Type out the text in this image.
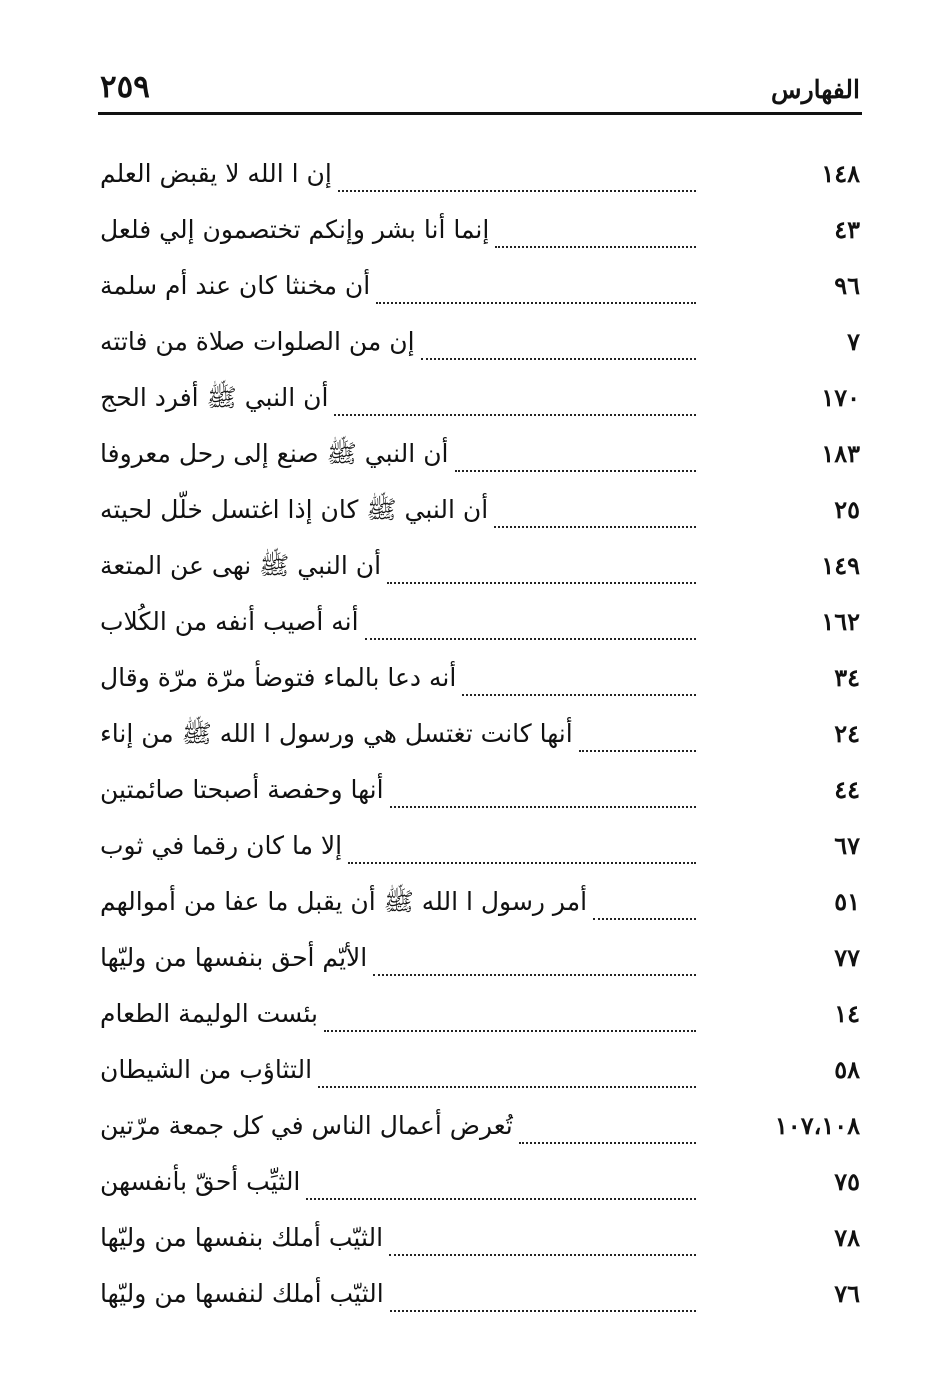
الفهارس
٢٥٩
إن ا الله لا يقبض العلم	١٤٨
إنما أنا بشر وإنكم تختصمون إلي فلعل	٤٣
أن مخنثا كان عند أم سلمة	٩٦
إن من الصلوات صلاة من فاتته	٧
أن النبي ﷺ أفرد الحج	١٧٠
أن النبي ﷺ صنع إلى رحل معروفا	١٨٣
أن النبي ﷺ كان إذا اغتسل خلّل لحيته	٢٥
أن النبي ﷺ نهى عن المتعة	١٤٩
أنه أصيب أنفه من الكُلاب	١٦٢
أنه دعا بالماء فتوضأ مرّة مرّة وقال	٣٤
أنها كانت تغتسل هي ورسول ا الله ﷺ من إناء	٢٤
أنها وحفصة أصبحتا صائمتين	٤٤
إلا ما كان رقما في ثوب	٦٧
أمر رسول ا الله ﷺ أن يقبل ما عفا من أموالهم	٥١
الأيّم أحق بنفسها من وليّها	٧٧
بئست الوليمة الطعام	١٤
التثاؤب من الشيطان	٥٨
تُعرض أعمال الناس في كل جمعة مرّتين	١٠٧،١٠٨
الثيِّب أحقّ بأنفسهن	٧٥
الثيّب أملك بنفسها من وليّها	٧٨
الثيّب أملك لنفسها من وليّها	٧٦
